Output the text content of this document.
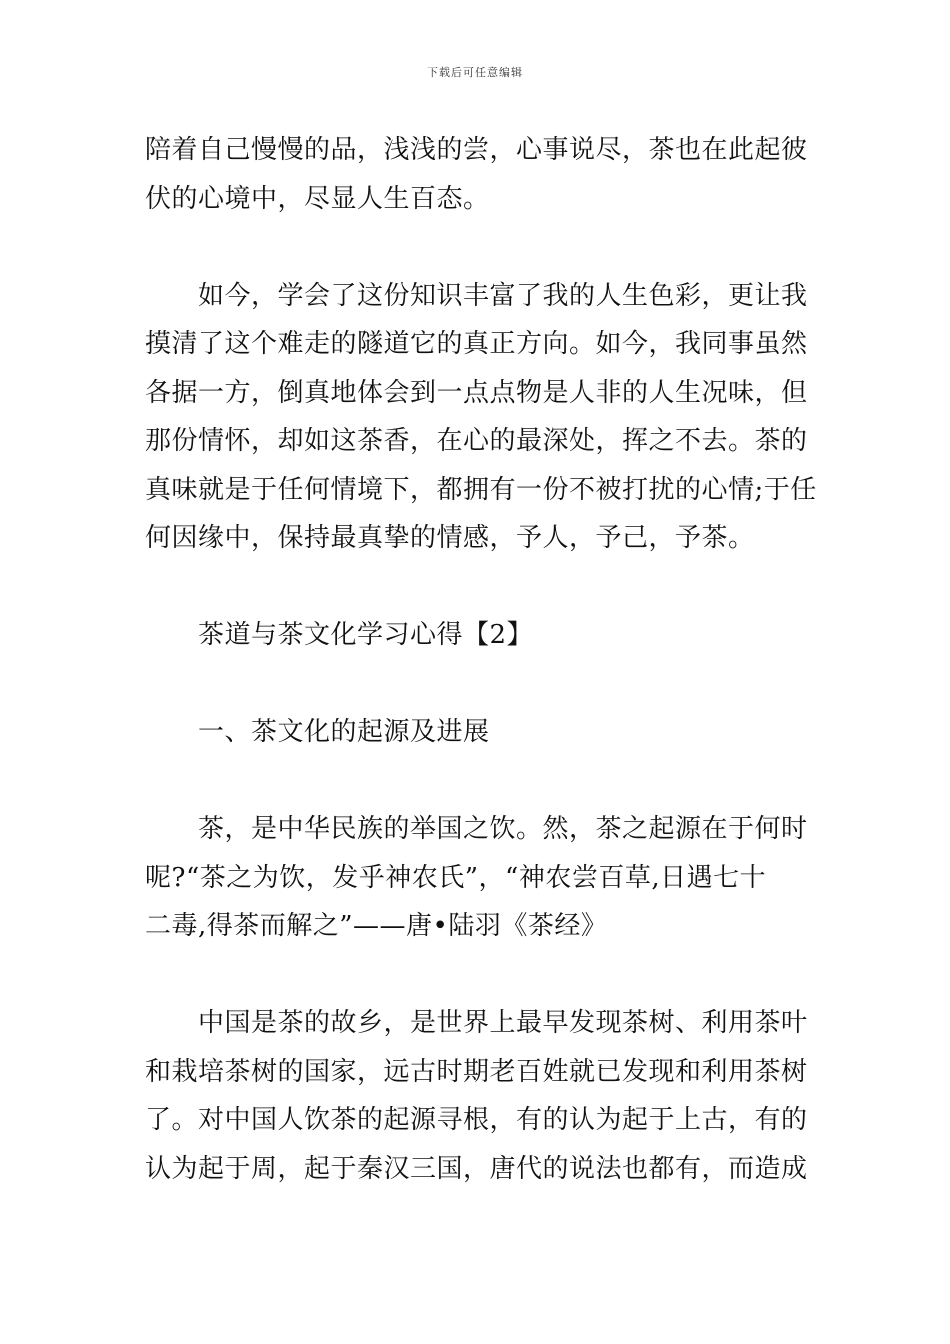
下载后可任意编辑
陪着自己慢慢的品，浅浅的尝，心事说尽，茶也在此起彼
伏的心境中，尽显人生百态。
如今，学会了这份知识丰富了我的人生色彩，更让我
摸清了这个难走的隧道它的真正方向。如今，我同事虽然
各据一方，倒真地体会到一点点物是人非的人生况味，但
那份情怀，却如这茶香，在心的最深处，挥之不去。茶的
真味就是于任何情境下，都拥有一份不被打扰的心情;于任
何因缘中，保持最真挚的情感，予人，予己，予茶。
茶道与茶文化学习心得【2】
一、茶文化的起源及进展
茶，是中华民族的举国之饮。然，茶之起源在于何时
呢?“茶之为饮，发乎神农氏”，“神农尝百草,日遇七十
二毒,得茶而解之”——唐•陆羽《茶经》
中国是茶的故乡，是世界上最早发现茶树、利用茶叶
和栽培茶树的国家，远古时期老百姓就已发现和利用茶树
了。对中国人饮茶的起源寻根，有的认为起于上古，有的
认为起于周，起于秦汉三国，唐代的说法也都有，而造成
